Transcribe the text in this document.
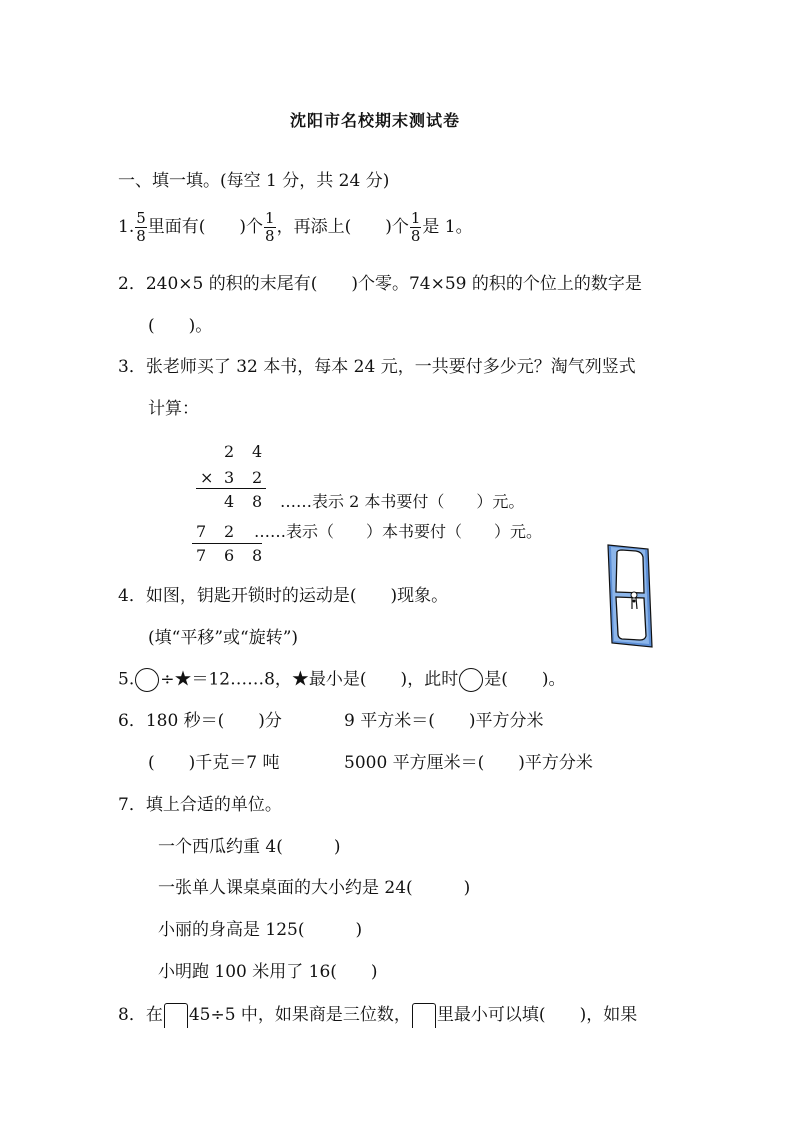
沈阳市名校期末测试卷
一、填一填。(每空 1 分，共 24 分)
1. $\frac{5}{8}$ 里面有(　　)个 $\frac{1}{8}$ ，再添上(　　)个 $\frac{1}{8}$ 是 1。
2．240×5 的积的末尾有(　　)个零。74×59 的积的个位上的数字是
(　　)。
3．张老师买了 32 本书，每本 24 元，一共要付多少元？淘气列竖式
计算：
2 4
× 3 2
4 8 ……表示 2 本书要付（　　）元。
7 2 ……表示（　　）本书要付（　　）元。
7 6 8
4．如图，钥匙开锁时的运动是(　　)现象。
(填“平移”或“旋转”)
5. ÷★＝12……8，★最小是(　　)，此时 是(　　)。
6．180 秒＝(　　)分	9 平方米＝(　　)平方分米
(　　)千克＝7 吨	5000 平方厘米＝(　　)平方分米
7．填上合适的单位。
一个西瓜约重 4(　　　)
一张单人课桌桌面的大小约是 24(　　　)
小丽的身高是 125(　　　)
小明跑 100 米用了 16(　　)
8．在 45÷5 中，如果商是三位数， 里最小可以填(　　)，如果
